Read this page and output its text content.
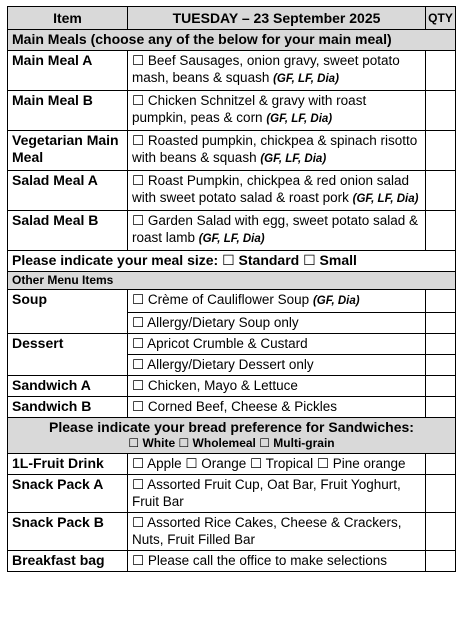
Item	TUESDAY – 23 September 2025	QTY
Main Meals (choose any of the below for your main meal)		
Main Meal A	☐ Beef Sausages, onion gravy, sweet potato mash, beans & squash (GF, LF, Dia)	
Main Meal B	☐ Chicken Schnitzel & gravy with roast pumpkin, peas & corn (GF, LF, Dia)	
Vegetarian Main Meal	☐ Roasted pumpkin, chickpea & spinach risotto with beans & squash (GF, LF, Dia)	
Salad Meal A	☐ Roast Pumpkin, chickpea & red onion salad with sweet potato salad & roast pork (GF, LF, Dia)	
Salad Meal B	☐ Garden Salad with egg, sweet potato salad & roast lamb (GF, LF, Dia)	
Please indicate your meal size: ☐ Standard ☐ Small		
Other Menu Items		
Soup	☐ Crème of Cauliflower Soup (GF, Dia)	
	☐ Allergy/Dietary Soup only	
Dessert	☐ Apricot Crumble & Custard	
	☐ Allergy/Dietary Dessert only	
Sandwich A	☐ Chicken, Mayo & Lettuce	
Sandwich B	☐ Corned Beef, Cheese & Pickles	

Please indicate your bread preference for Sandwiches:
☐ White ☐ Wholemeal ☐ Multi-grain		

1L-Fruit Drink	☐ Apple ☐ Orange ☐ Tropical ☐ Pine orange	
Snack Pack A	☐ Assorted Fruit Cup, Oat Bar, Fruit Yoghurt, Fruit Bar	
Snack Pack B	☐ Assorted Rice Cakes, Cheese & Crackers, Nuts, Fruit Filled Bar	
Breakfast bag	☐ Please call the office to make selections	
